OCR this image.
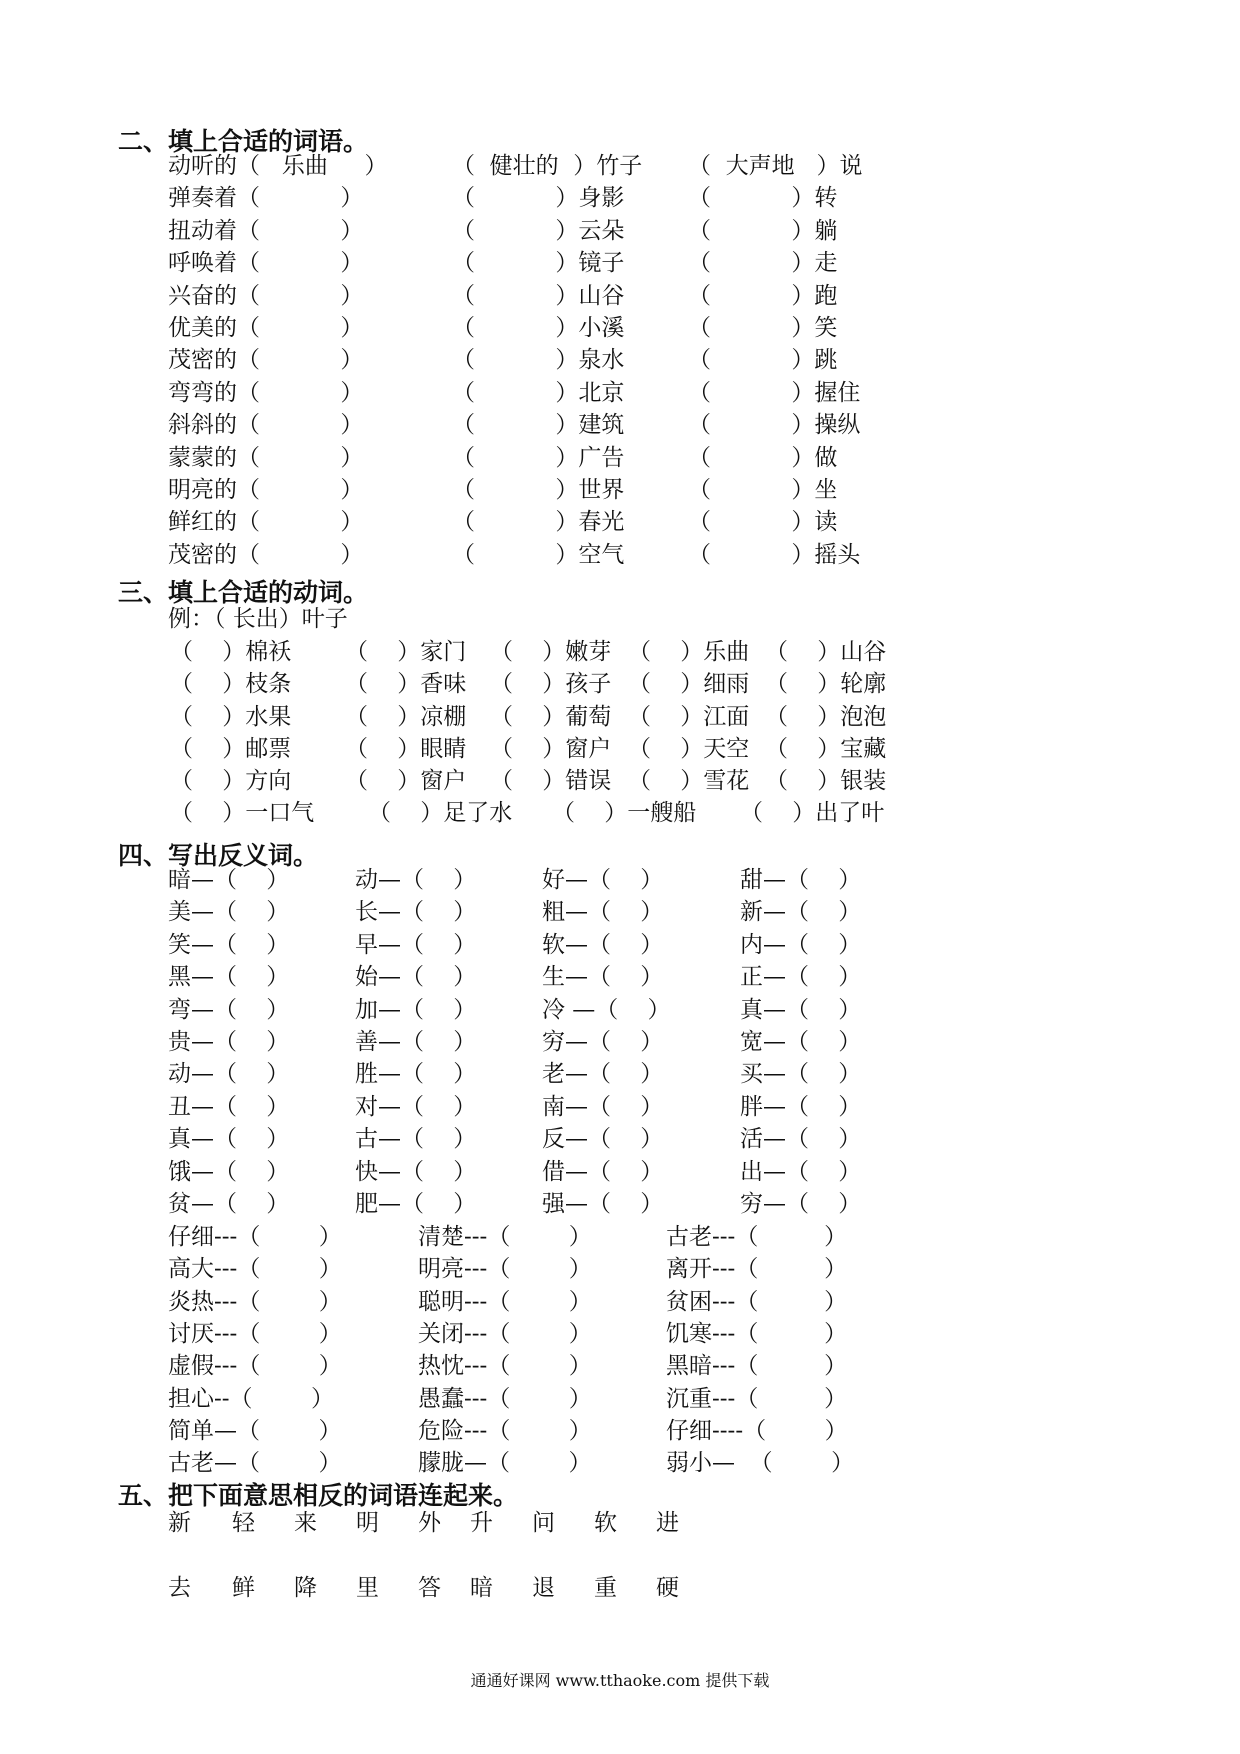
二、填上合适的词语。
动听的（   乐曲     ）	（  健壮的  ）竹子 （  大声地   ）说
弹奏着（           ）	（           ）身影	（           ）转
扭动着（           ）	（           ）云朵	（           ）躺
呼唤着（           ）	（           ）镜子	（           ）走
兴奋的（           ）	（           ）山谷	（           ）跑
优美的（           ）	（           ）小溪	（           ）笑
茂密的（           ）	（           ）泉水	（           ）跳
弯弯的（           ）	（           ）北京	（           ）握住
斜斜的（           ）	（           ）建筑	（           ）操纵
蒙蒙的（           ）	（           ）广告	（           ）做
明亮的（           ）	（           ）世界	（           ）坐
鲜红的（           ）	（           ）春光	（           ）读
茂密的（           ）	（           ）空气	（           ）摇头
三、填上合适的动词。
例：（ 长出）叶子
（    ）棉袄 （    ）家门 （    ）嫩芽 （    ）乐曲 （    ）山谷
（    ）枝条 （    ）香味 （    ）孩子 （    ）细雨 （    ）轮廓
（    ）水果 （    ）凉棚 （    ）葡萄 （    ）江面 （    ）泡泡
（    ）邮票 （    ）眼睛 （    ）窗户 （    ）天空 （    ）宝藏
（    ）方向 （    ）窗户 （    ）错误 （    ）雪花 （    ）银装
（    ）一口气 （    ）足了水 （    ）一艘船 （    ）出了叶
四、写出反义词。
暗—（    ）	动—（    ）	好—（    ）	甜—（    ）
美—（    ）	长—（    ）	粗—（    ）	新—（    ）
笑—（    ）	早—（    ）	软—（    ）	内—（    ）
黑—（    ）	始—（    ）	生—（    ）	正—（    ）
弯—（    ）	加—（    ）	冷 —（    ）	真—（    ）
贵—（    ）	善—（    ）	穷—（    ）	宽—（    ）
动—（    ）	胜—（    ）	老—（    ）	买—（    ）
丑—（    ）	对—（    ）	南—（    ）	胖—（    ）
真—（    ）	古—（    ）	反—（    ）	活—（    ）
饿—（    ）	快—（    ）	借—（    ）	出—（    ）
贫—（    ）	肥—（    ）	强—（    ）	穷—（    ）
仔细---（        ）	清楚---（        ）	古老---（         ）
高大---（        ）	明亮---（        ）	离开---（         ）
炎热---（        ）	聪明---（        ）	贫困---（         ）
讨厌---（        ）	关闭---（        ）	饥寒---（         ）
虚假---（        ）	热忱---（        ）	黑暗---（         ）
担心--（        ）	愚蠢---（        ）	沉重---（         ）
简单—（        ）	危险---（        ）	仔细----（        ）
古老—（        ）	朦胧—（        ）	弱小—  （        ）
五、把下面意思相反的词语连起来。
新 轻 来 明 外 升 问 软 进
去 鲜 降 里 答 暗 退 重 硬
通通好课网 www.tthaoke.com 提供下载
